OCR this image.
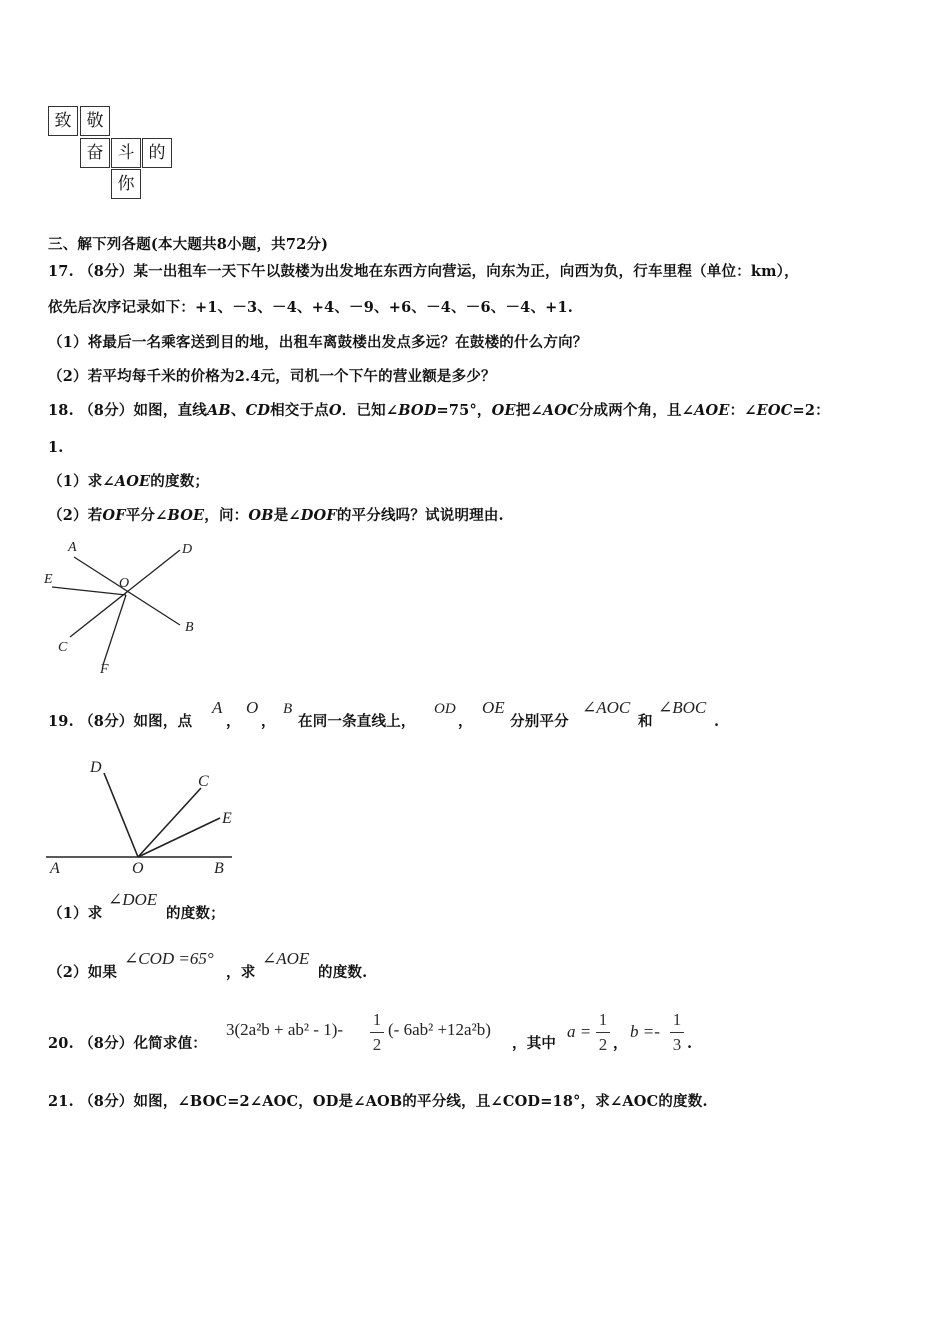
致 敬
奋 斗 的
你
三、解下列各题(本大题共8小题，共72分)
17. （8分）某一出租车一天下午以鼓楼为出发地在东西方向营运，向东为正，向西为负，行车里程（单位：km），
依先后次序记录如下：+1、－3、－4、+4、－9、+6、－4、－6、－4、+1.
（1）将最后一名乘客送到目的地，出租车离鼓楼出发点多远？在鼓楼的什么方向？
（2）若平均每千米的价格为2.4元，司机一个下午的营业额是多少？
18. （8分）如图，直线AB、CD相交于点O．已知∠BOD=75°，OE把∠AOC分成两个角，且∠AOE：∠EOC=2：
1.
（1）求∠AOE的度数；
（2）若OF平分∠BOE，问：OB是∠DOF的平分线吗？试说明理由.
A	D
E	O
B
C
F
19. （8分）如图，点
A
，
O
，
B
在同一条直线上，
OD
，
OE
分别平分
∠AOC
和
∠BOC
.
D
C
E
A	O	B
（1）求
∠DOE
的度数；
（2）如果
∠COD =65°
，求
∠AOE
的度数.
20. （8分）化简求值：
3(2a²b + ab² - 1)-
1
2
(- 6ab² +12a²b)
，其中
a =
1
2 ，
b =-
1
3 .
21. （8分）如图，∠BOC=2∠AOC，OD是∠AOB的平分线，且∠COD=18°，求∠AOC的度数.
